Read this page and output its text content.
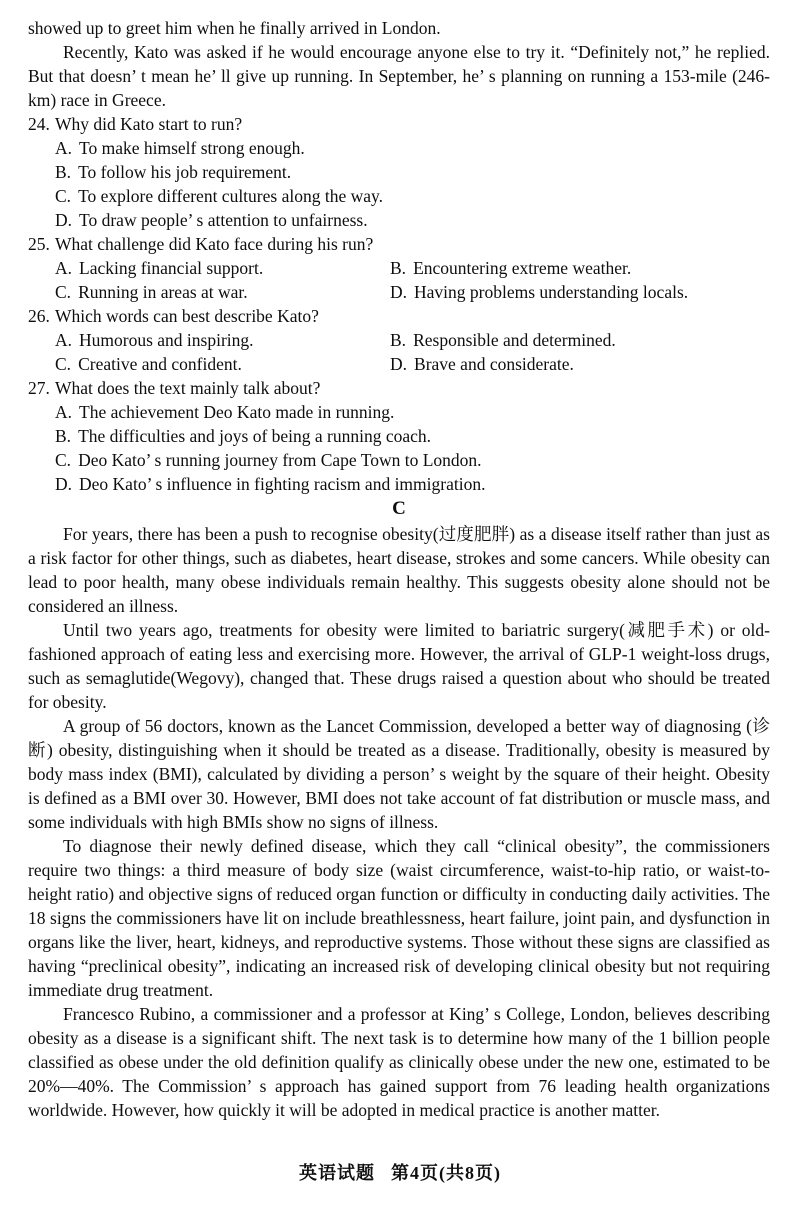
showed up to greet him when he finally arrived in London.
Recently, Kato was asked if he would encourage anyone else to try it. “Definitely not,” he replied. But that doesn’ t mean he’ ll give up running. In September, he’ s planning on running a 153-mile (246-km) race in Greece.
24. Why did Kato start to run?
A. To make himself strong enough.
B. To follow his job requirement.
C. To explore different cultures along the way.
D. To draw people’ s attention to unfairness.
25. What challenge did Kato face during his run?
A. Lacking financial support.	B. Encountering extreme weather.
C. Running in areas at war.	D. Having problems understanding locals.
26. Which words can best describe Kato?
A. Humorous and inspiring.	B. Responsible and determined.
C. Creative and confident.	D. Brave and considerate.
27. What does the text mainly talk about?
A. The achievement Deo Kato made in running.
B. The difficulties and joys of being a running coach.
C. Deo Kato’ s running journey from Cape Town to London.
D. Deo Kato’ s influence in fighting racism and immigration.
C
For years, there has been a push to recognise obesity(过度肥胖) as a disease itself rather than just as a risk factor for other things, such as diabetes, heart disease, strokes and some cancers. While obesity can lead to poor health, many obese individuals remain healthy. This suggests obesity alone should not be considered an illness.
Until two years ago, treatments for obesity were limited to bariatric surgery(减肥手术) or old-fashioned approach of eating less and exercising more. However, the arrival of GLP-1 weight-loss drugs, such as semaglutide(Wegovy), changed that. These drugs raised a question about who should be treated for obesity.
A group of 56 doctors, known as the Lancet Commission, developed a better way of diagnosing (诊断) obesity, distinguishing when it should be treated as a disease. Traditionally, obesity is measured by body mass index (BMI), calculated by dividing a person’ s weight by the square of their height. Obesity is defined as a BMI over 30. However, BMI does not take account of fat distribution or muscle mass, and some individuals with high BMIs show no signs of illness.
To diagnose their newly defined disease, which they call “clinical obesity”, the commissioners require two things: a third measure of body size (waist circumference, waist-to-hip ratio, or waist-to-height ratio) and objective signs of reduced organ function or difficulty in conducting daily activities. The 18 signs the commissioners have lit on include breathlessness, heart failure, joint pain, and dysfunction in organs like the liver, heart, kidneys, and reproductive systems. Those without these signs are classified as having “preclinical obesity”, indicating an increased risk of developing clinical obesity but not requiring immediate drug treatment.
Francesco Rubino, a commissioner and a professor at King’ s College, London, believes describing obesity as a disease is a significant shift. The next task is to determine how many of the 1 billion people classified as obese under the old definition qualify as clinically obese under the new one, estimated to be 20%—40%. The Commission’ s approach has gained support from 76 leading health organizations worldwide. However, how quickly it will be adopted in medical practice is another matter.
英语试题 第4页(共8页)
